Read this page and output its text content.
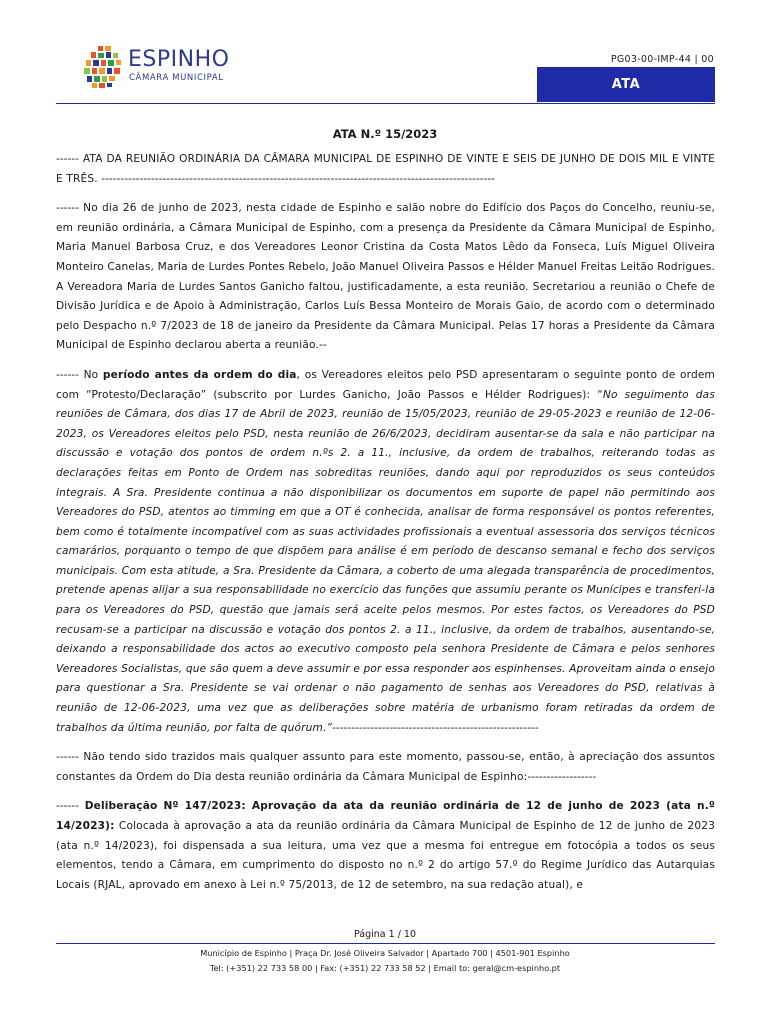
ESPINHO
CÂMARA MUNICIPAL
PG03-00-IMP-44 | 00
ATA
ATA N.º 15/2023

------ ATA DA REUNIÃO ORDINÁRIA DA CÂMARA MUNICIPAL DE ESPINHO DE VINTE E SEIS DE JUNHO DE DOIS MIL E VINTE E TRÊS. -------------------------------------------------------------------------------------------------------

------ No dia 26 de junho de 2023, nesta cidade de Espinho e salão nobre do Edifício dos Paços do Concelho, reuniu-se, em reunião ordinária, a Câmara Municipal de Espinho, com a presença da Presidente da Câmara Municipal de Espinho, Maria Manuel Barbosa Cruz, e dos Vereadores Leonor Cristina da Costa Matos Lêdo da Fonseca, Luís Miguel Oliveira Monteiro Canelas, Maria de Lurdes Pontes Rebelo, João Manuel Oliveira Passos e Hélder Manuel Freitas Leitão Rodrigues. A Vereadora Maria de Lurdes Santos Ganicho faltou, justificadamente, a esta reunião. Secretariou a reunião o Chefe de Divisão Jurídica e de Apoio à Administração, Carlos Luís Bessa Monteiro de Morais Gaio, de acordo com o determinado pelo Despacho n.º 7/2023 de 18 de janeiro da Presidente da Câmara Municipal. Pelas 17 horas a Presidente da Câmara Municipal de Espinho declarou aberta a reunião.--

------ No período antes da ordem do dia, os Vereadores eleitos pelo PSD apresentaram o seguinte ponto de ordem com “Protesto/Declaração” (subscrito por Lurdes Ganicho, João Passos e Hélder Rodrigues): “No seguimento das reuniões de Câmara, dos dias 17 de Abril de 2023, reunião de 15/05/2023, reunião de 29-05-2023 e reunião de 12-06-2023, os Vereadores eleitos pelo PSD, nesta reunião de 26/6/2023, decidiram ausentar-se da sala e não participar na discussão e votação dos pontos de ordem n.ºs 2. a 11., inclusive, da ordem de trabalhos, reiterando todas as declarações feitas em Ponto de Ordem nas sobreditas reuniões, dando aqui por reproduzidos os seus conteúdos integrais. A Sra. Presidente continua a não disponibilizar os documentos em suporte de papel não permitindo aos Vereadores do PSD, atentos ao timming em que a OT é conhecida, analisar de forma responsável os pontos referentes, bem como é totalmente incompatível com as suas actividades profissionais a eventual assessoria dos serviços técnicos camarários, porquanto o tempo de que dispõem para análise é em período de descanso semanal e fecho dos serviços municipais. Com esta atitude, a Sra. Presidente da Câmara, a coberto de uma alegada transparência de procedimentos, pretende apenas alijar a sua responsabilidade no exercício das funções que assumiu perante os Munícipes e transferi-la para os Vereadores do PSD, questão que jamais será aceite pelos mesmos. Por estes factos, os Vereadores do PSD recusam-se a participar na discussão e votação dos pontos 2. a 11., inclusive, da ordem de trabalhos, ausentando-se, deixando a responsabilidade dos actos ao executivo composto pela senhora Presidente de Câmara e pelos senhores Vereadores Socialistas, que são quem a deve assumir e por essa responder aos espinhenses. Aproveitam ainda o ensejo para questionar a Sra. Presidente se vai ordenar o não pagamento de senhas aos Vereadores do PSD, relativas à reunião de 12-06-2023, uma vez que as deliberações sobre matéria de urbanismo foram retiradas da ordem de trabalhos da última reunião, por falta de quórum.”------------------------------------------------------

------ Não tendo sido trazidos mais qualquer assunto para este momento, passou-se, então, à apreciação dos assuntos constantes da Ordem do Dia desta reunião ordinária da Câmara Municipal de Espinho:------------------

------ Deliberação Nº 147/2023: Aprovação da ata da reunião ordinária de 12 de junho de 2023 (ata n.º 14/2023): Colocada à aprovação a ata da reunião ordinária da Câmara Municipal de Espinho de 12 de junho de 2023 (ata n.º 14/2023), foi dispensada a sua leitura, uma vez que a mesma foi entregue em fotocópia a todos os seus elementos, tendo a Câmara, em cumprimento do disposto no n.º 2 do artigo 57.º do Regime Jurídico das Autarquias Locais (RJAL, aprovado em anexo à Lei n.º 75/2013, de 12 de setembro, na sua redação atual), e

Página 1 / 10
Município de Espinho | Praça Dr. José Oliveira Salvador | Apartado 700 | 4501-901 Espinho
Tel: (+351) 22 733 58 00 | Fax: (+351) 22 733 58 52 | Email to: geral@cm-espinho.pt
